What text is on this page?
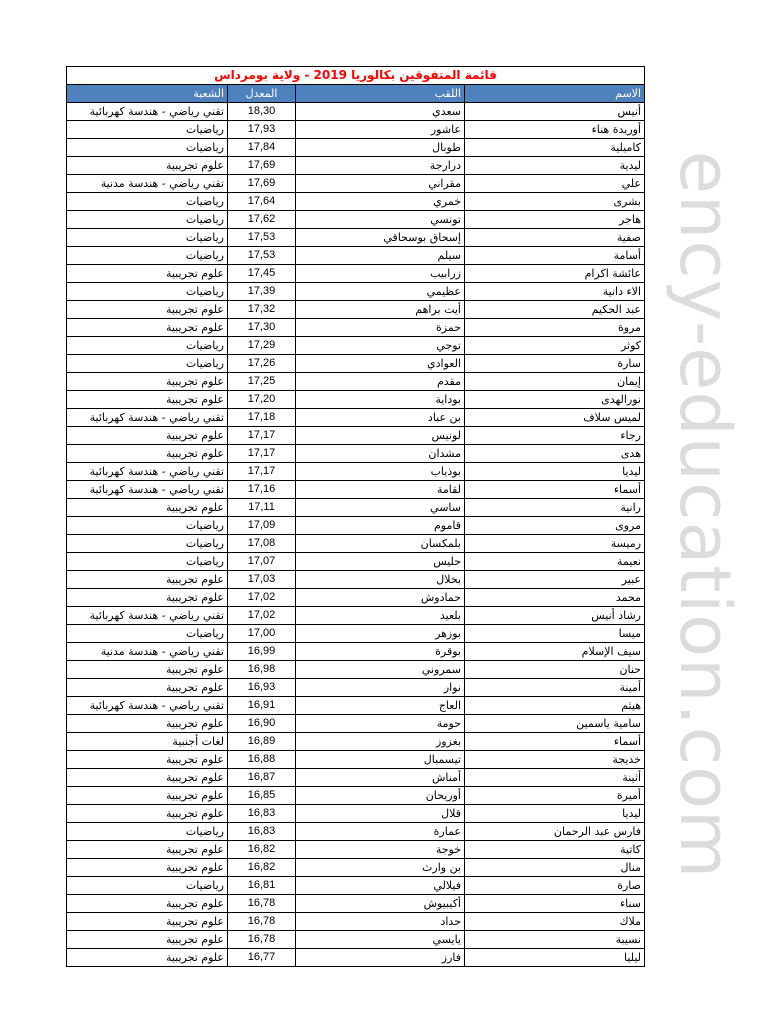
قائمة المتفوقين بكالوريا 2019 - ولاية بومرداس			
الشعبة	المعدل	اللقب	الاسم
تقني رياضي - هندسة كهربائية	18,30	سعدي	أنيس
رياضيات	17,93	عاشور	أوريدة هناء
رياضيات	17,84	طوبال	كاميلية
علوم تجريبية	17,69	درارجة	ليدية
تقني رياضي - هندسة مدنية	17,69	مقراني	علي
رياضيات	17,64	خمري	بشرى
رياضيات	17,62	تونسي	هاجر
رياضيات	17,53	إسحاق بوسحاقي	صفية
رياضيات	17,53	سيلم	أسامة
علوم تجريبية	17,45	زرابيب	عائشة اكرام
رياضيات	17,39	عظيمي	الاء دانية
علوم تجريبية	17,32	أيت براهم	عبد الحكيم
علوم تجريبية	17,30	حمزة	مروة
رياضيات	17,29	توجي	كوثر
رياضيات	17,26	العوادي	سارة
علوم تجريبية	17,25	مقدم	إيمان
علوم تجريبية	17,20	بوداية	نورالهدى
تقني رياضي - هندسة كهربائية	17,18	بن عباد	لميس سلاف
علوم تجريبية	17,17	لونيس	رجاء
علوم تجريبية	17,17	مشدان	هدى
تقني رياضي - هندسة كهربائية	17,17	بوذياب	ليديا
تقني رياضي - هندسة كهربائية	17,16	لقامة	أسماء
علوم تجريبية	17,11	ساسي	رانية
رياضيات	17,09	قاموم	مروى
رياضيات	17,08	بلمكسان	رميسة
رياضيات	17,07	حليس	نعيمة
علوم تجريبية	17,03	بخلال	عبير
علوم تجريبية	17,02	حمادوش	محمد
تقني رياضي - هندسة كهربائية	17,02	بلعيد	رشاد أنيس
رياضيات	17,00	بوزهر	ميسا
تقني رياضي - هندسة مدنية	16,99	بوقرة	سيف الإسلام
علوم تجريبية	16,98	سمروني	حنان
علوم تجريبية	16,93	نوار	أمينة
تقني رياضي - هندسة كهربائية	16,91	العاج	هيثم
علوم تجريبية	16,90	حومة	سامية ياسمين
لغات أجنبية	16,89	بغزوز	أسماء
علوم تجريبية	16,88	تيسمبال	خديجة
علوم تجريبية	16,87	أمناش	أثينة
علوم تجريبية	16,85	أوريحان	أميرة
علوم تجريبية	16,83	قلال	ليديا
رياضيات	16,83	عمارة	فارس عبد الرحمان
علوم تجريبية	16,82	خوجة	كاتية
علوم تجريبية	16,82	بن وارث	منال
رياضيات	16,81	فيلالي	صارة
علوم تجريبية	16,78	أكيبيوش	سناء
علوم تجريبية	16,78	حداد	ملاك
علوم تجريبية	16,78	يايسي	نسيبة
علوم تجريبية	16,77	فارز	ليليا
ency-education.com
